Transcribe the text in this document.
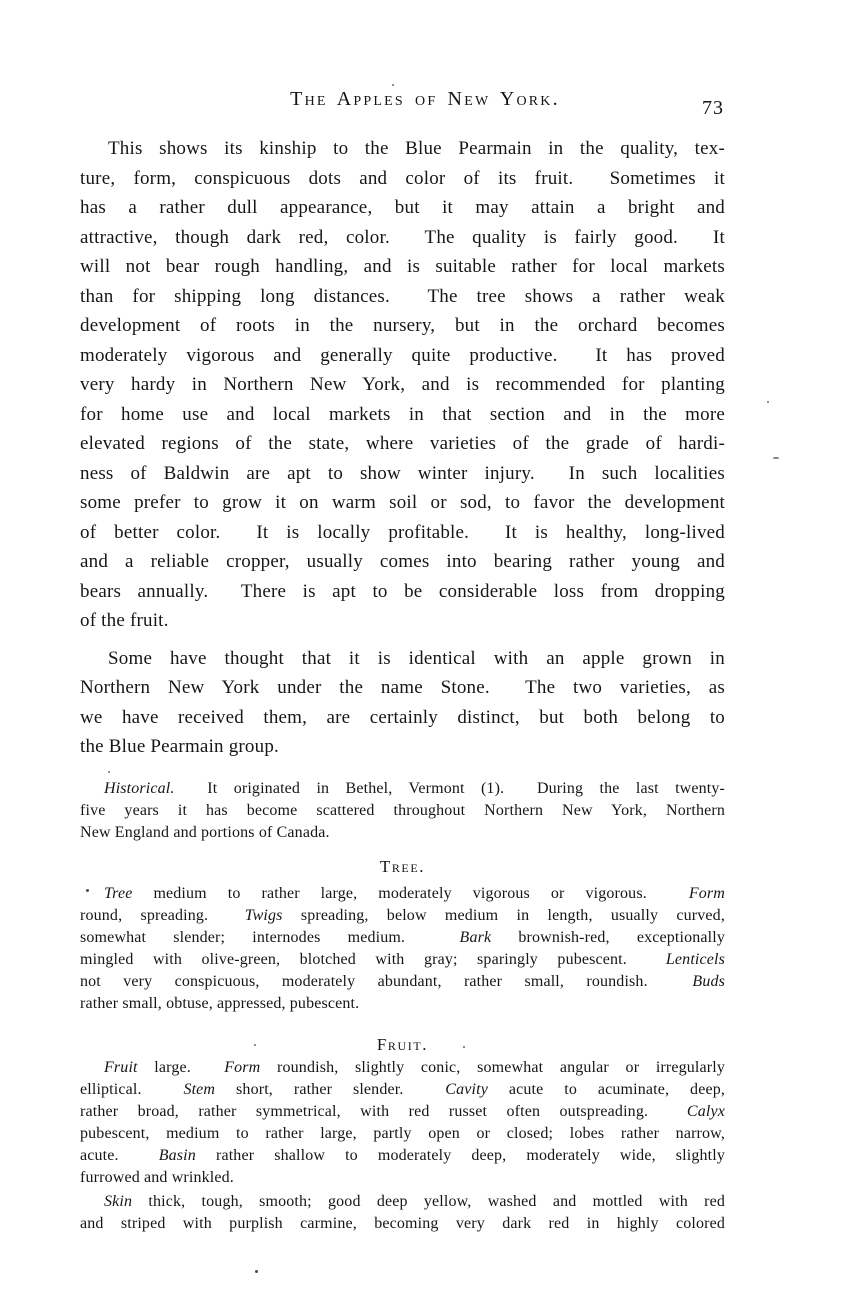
The Apples of New York.	73
This shows its kinship to the Blue Pearmain in the quality, tex-
ture, form, conspicuous dots and color of its fruit.  Sometimes it
has a rather dull appearance, but it may attain a bright and
attractive, though dark red, color.  The quality is fairly good.  It
will not bear rough handling, and is suitable rather for local markets
than for shipping long distances.  The tree shows a rather weak
development of roots in the nursery, but in the orchard becomes
moderately vigorous and generally quite productive.  It has proved
very hardy in Northern New York, and is recommended for planting
for home use and local markets in that section and in the more
elevated regions of the state, where varieties of the grade of hardi-
ness of Baldwin are apt to show winter injury.  In such localities
some prefer to grow it on warm soil or sod, to favor the development
of better color.  It is locally profitable.  It is healthy, long-lived
and a reliable cropper, usually comes into bearing rather young and
bears annually.  There is apt to be considerable loss from dropping
of the fruit.
Some have thought that it is identical with an apple grown in
Northern New York under the name Stone.  The two varieties, as
we have received them, are certainly distinct, but both belong to
the Blue Pearmain group.
Historical.  It originated in Bethel, Vermont (1).  During the last twenty-
five years it has become scattered throughout Northern New York, Northern
New England and portions of Canada.
Tree.
Tree medium to rather large, moderately vigorous or vigorous.  Form
round, spreading.  Twigs spreading, below medium in length, usually curved,
somewhat slender; internodes medium.  Bark brownish-red, exceptionally
mingled with olive-green, blotched with gray; sparingly pubescent.  Lenticels
not very conspicuous, moderately abundant, rather small, roundish.  Buds
rather small, obtuse, appressed, pubescent.
Fruit.
Fruit large.  Form roundish, slightly conic, somewhat angular or irregularly
elliptical.  Stem short, rather slender.  Cavity acute to acuminate, deep,
rather broad, rather symmetrical, with red russet often outspreading.  Calyx
pubescent, medium to rather large, partly open or closed; lobes rather narrow,
acute.  Basin rather shallow to moderately deep, moderately wide, slightly
furrowed and wrinkled.
Skin thick, tough, smooth; good deep yellow, washed and mottled with red
and striped with purplish carmine, becoming very dark red in highly colored
